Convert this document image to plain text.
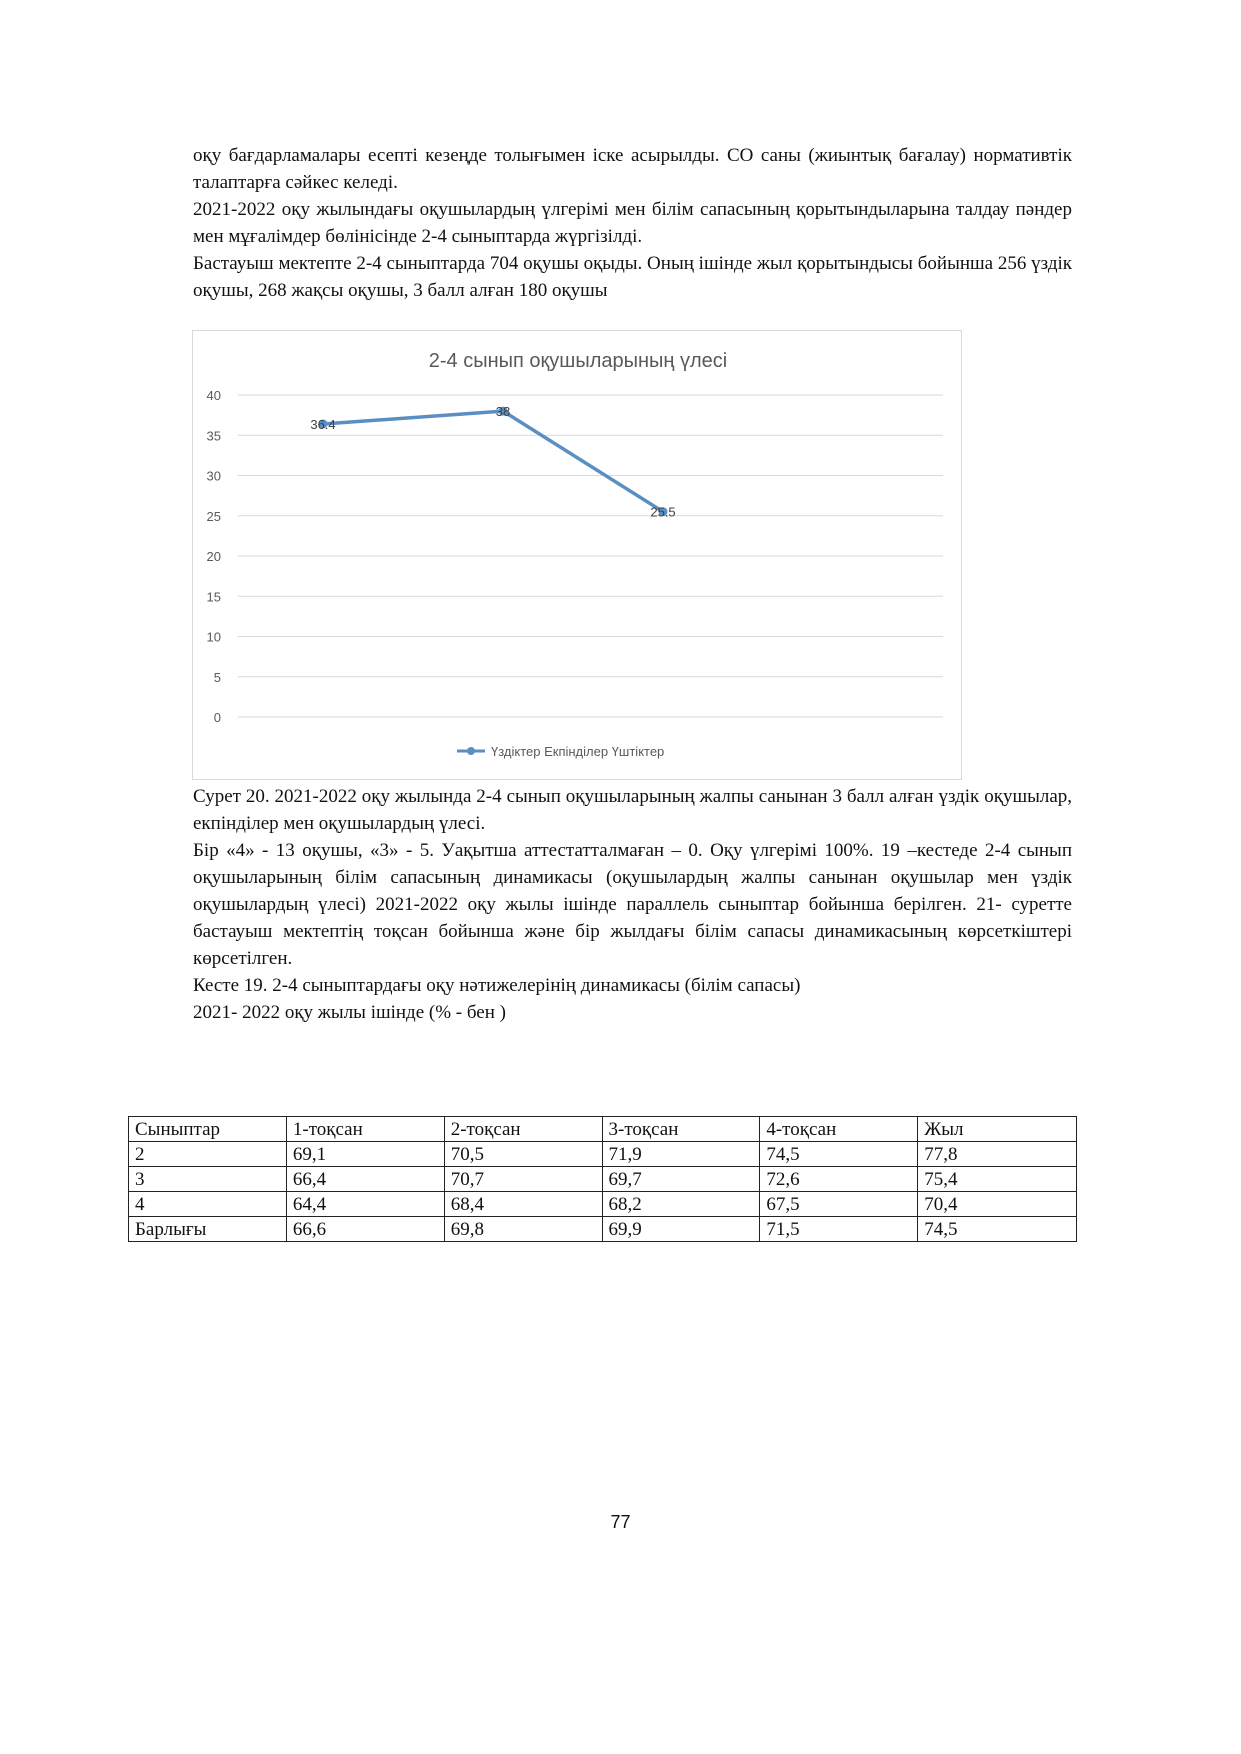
оқу бағдарламалары есепті кезеңде толығымен іске асырылды. СО саны (жиынтық бағалау) нормативтік талаптарға сәйкес келеді.

2021-2022 оқу жылындағы оқушылардың үлгерімі мен білім сапасының қорытындыларына талдау пәндер мен мұғалімдер бөлінісінде 2-4 сыныптарда жүргізілді.

Бастауыш мектепте 2-4 сыныптарда 704 оқушы оқыды. Оның ішінде жыл қорытындысы бойынша 256 үздік оқушы, 268 жақсы оқушы, 3 балл алған 180 оқушы

2-4 сынып оқушыларының үлесі
0
5
10
15
20
25
30
35
40
36.4
38
25.5
Үздіктер Екпінділер Үштіктер

Сурет 20. 2021-2022 оқу жылында 2-4 сынып оқушыларының жалпы санынан 3 балл алған үздік оқушылар, екпінділер мен оқушылардың үлесі.

Бір «4» - 13 оқушы, «3» - 5. Уақытша аттестатталмаған – 0. Оқу үлгерімі 100%. 19 –кестеде 2-4 сынып оқушыларының білім сапасының динамикасы (оқушылардың жалпы санынан оқушылар мен үздік оқушылардың үлесі) 2021-2022 оқу жылы ішінде параллель сыныптар бойынша берілген. 21- суретте бастауыш мектептің тоқсан бойынша және бір жылдағы білім сапасы динамикасының көрсеткіштері көрсетілген.

Кесте 19. 2-4 сыныптардағы оқу нәтижелерінің динамикасы (білім сапасы)

2021- 2022 оқу жылы ішінде (% - бен )

Сыныптар	1-тоқсан	2-тоқсан	3-тоқсан	4-тоқсан	Жыл
2	69,1	70,5	71,9	74,5	77,8
3	66,4	70,7	69,7	72,6	75,4
4	64,4	68,4	68,2	67,5	70,4
Барлығы	66,6	69,8	69,9	71,5	74,5
77
